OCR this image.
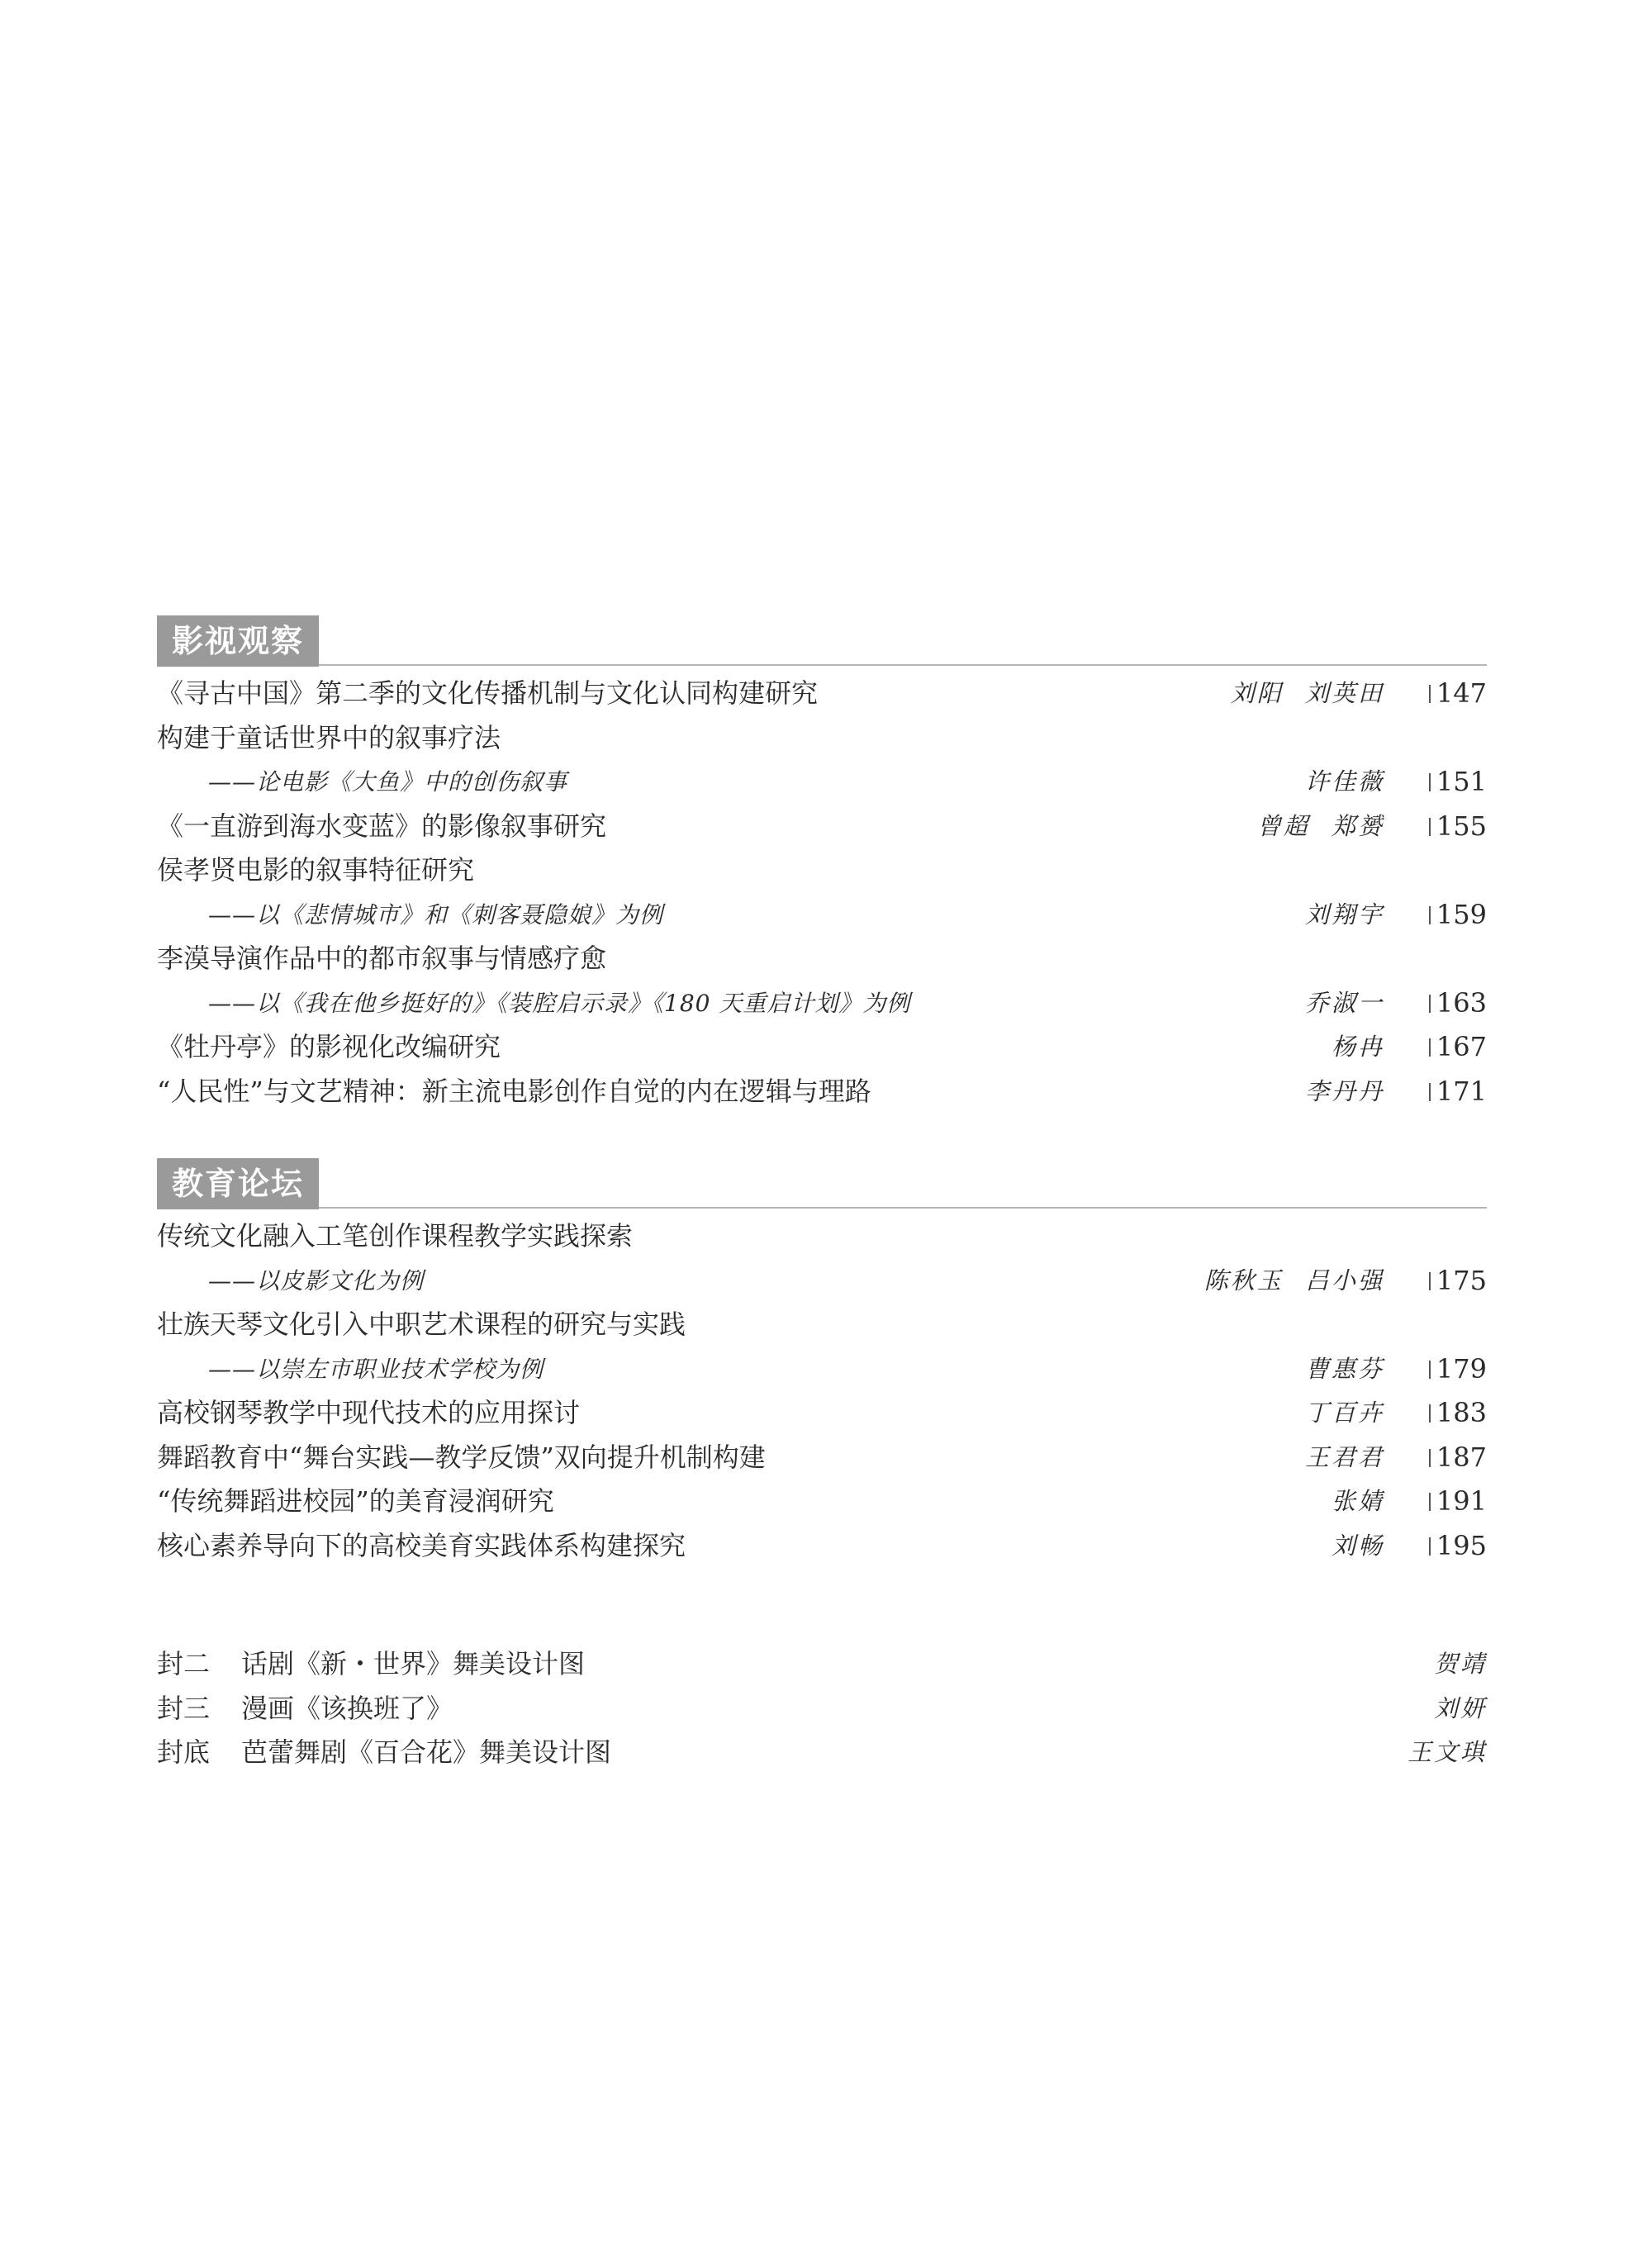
影视观察
《寻古中国》第二季的文化传播机制与文化认同构建研究	刘阳 刘英田	147
构建于童话世界中的叙事疗法
——论电影《大鱼》中的创伤叙事	许佳薇	151
《一直游到海水变蓝》的影像叙事研究	曾超 郑赟	155
侯孝贤电影的叙事特征研究
——以《悲情城市》和《刺客聂隐娘》为例	刘翔宇	159
李漠导演作品中的都市叙事与情感疗愈
——以《我在他乡挺好的》《装腔启示录》《180 天重启计划》为例	乔淑一	163
《牡丹亭》的影视化改编研究	杨冉	167
“人民性”与文艺精神：新主流电影创作自觉的内在逻辑与理路	李丹丹	171
教育论坛
传统文化融入工笔创作课程教学实践探索
——以皮影文化为例	陈秋玉 吕小强	175
壮族天琴文化引入中职艺术课程的研究与实践
——以崇左市职业技术学校为例	曹惠芬	179
高校钢琴教学中现代技术的应用探讨	丁百卉	183
舞蹈教育中“舞台实践—教学反馈”双向提升机制构建	王君君	187
“传统舞蹈进校园”的美育浸润研究	张婧	191
核心素养导向下的高校美育实践体系构建探究	刘畅	195
封二 话剧《新・世界》舞美设计图	贺靖
封三 漫画《该换班了》	刘妍
封底 芭蕾舞剧《百合花》舞美设计图	王文琪
